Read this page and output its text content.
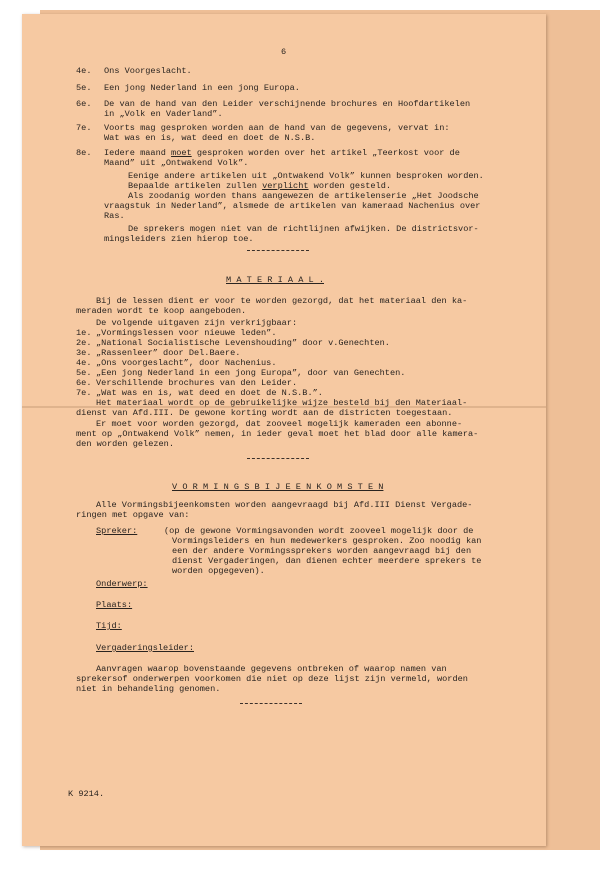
6
4e. Ons Voorgeslacht.
5e. Een jong Nederland in een jong Europa.
6e. De van de hand van den Leider verschijnende brochures en Hoofdartikelen
in „Volk en Vaderland”.
7e. Voorts mag gesproken worden aan de hand van de gegevens, vervat in:
Wat was en is, wat deed en doet de N.S.B.
8e. Iedere maand moet gesproken worden over het artikel „Teerkost voor de
Maand” uit „Ontwakend Volk”.
Eenige andere artikelen uit „Ontwakend Volk” kunnen besproken worden.
Bepaalde artikelen zullen verplicht worden gesteld.
Als zoodanig worden thans aangewezen de artikelenserie „Het Joodsche
vraagstuk in Nederland”, alsmede de artikelen van kameraad Nachenius over
Ras.
De sprekers mogen niet van de richtlijnen afwijken. De districtsvor-
mingsleiders zien hierop toe.
M A T E R I A A L .
Bij de lessen dient er voor te worden gezorgd, dat het materiaal den ka-
meraden wordt te koop aangeboden.
De volgende uitgaven zijn verkrijgbaar:
1e. „Vormingslessen voor nieuwe leden”.
2e. „National Socialistische Levenshouding” door v.Genechten.
3e. „Rassenleer” door Del.Baere.
4e. „Ons voorgeslacht”, door Nachenius.
5e. „Een jong Nederland in een jong Europa”, door van Genechten.
6e. Verschillende brochures van den Leider.
7e. „Wat was en is, wat deed en doet de N.S.B.”.
Het materiaal wordt op de gebruikelijke wijze besteld bij den Materiaal-
dienst van Afd.III. De gewone korting wordt aan de districten toegestaan.
Er moet voor worden gezorgd, dat zooveel mogelijk kameraden een abonne-
ment op „Ontwakend Volk” nemen, in ieder geval moet het blad door alle kamera-
den worden gelezen.
V O R M I N G S B I J E E N K O M S T E N
Alle Vormingsbijeenkomsten worden aangevraagd bij Afd.III Dienst Vergade-
ringen met opgave van:
Spreker:	(op de gewone Vormingsavonden wordt zooveel mogelijk door de
Vormingsleiders en hun medewerkers gesproken. Zoo noodig kan
een der andere Vormingssprekers worden aangevraagd bij den
dienst Vergaderingen, dan dienen echter meerdere sprekers te
worden opgegeven).
Onderwerp:
Plaats:
Tijd:
Vergaderingsleider:
Aanvragen waarop bovenstaande gegevens ontbreken of waarop namen van
sprekersof onderwerpen voorkomen die niet op deze lijst zijn vermeld, worden
niet in behandeling genomen.
K 9214.
